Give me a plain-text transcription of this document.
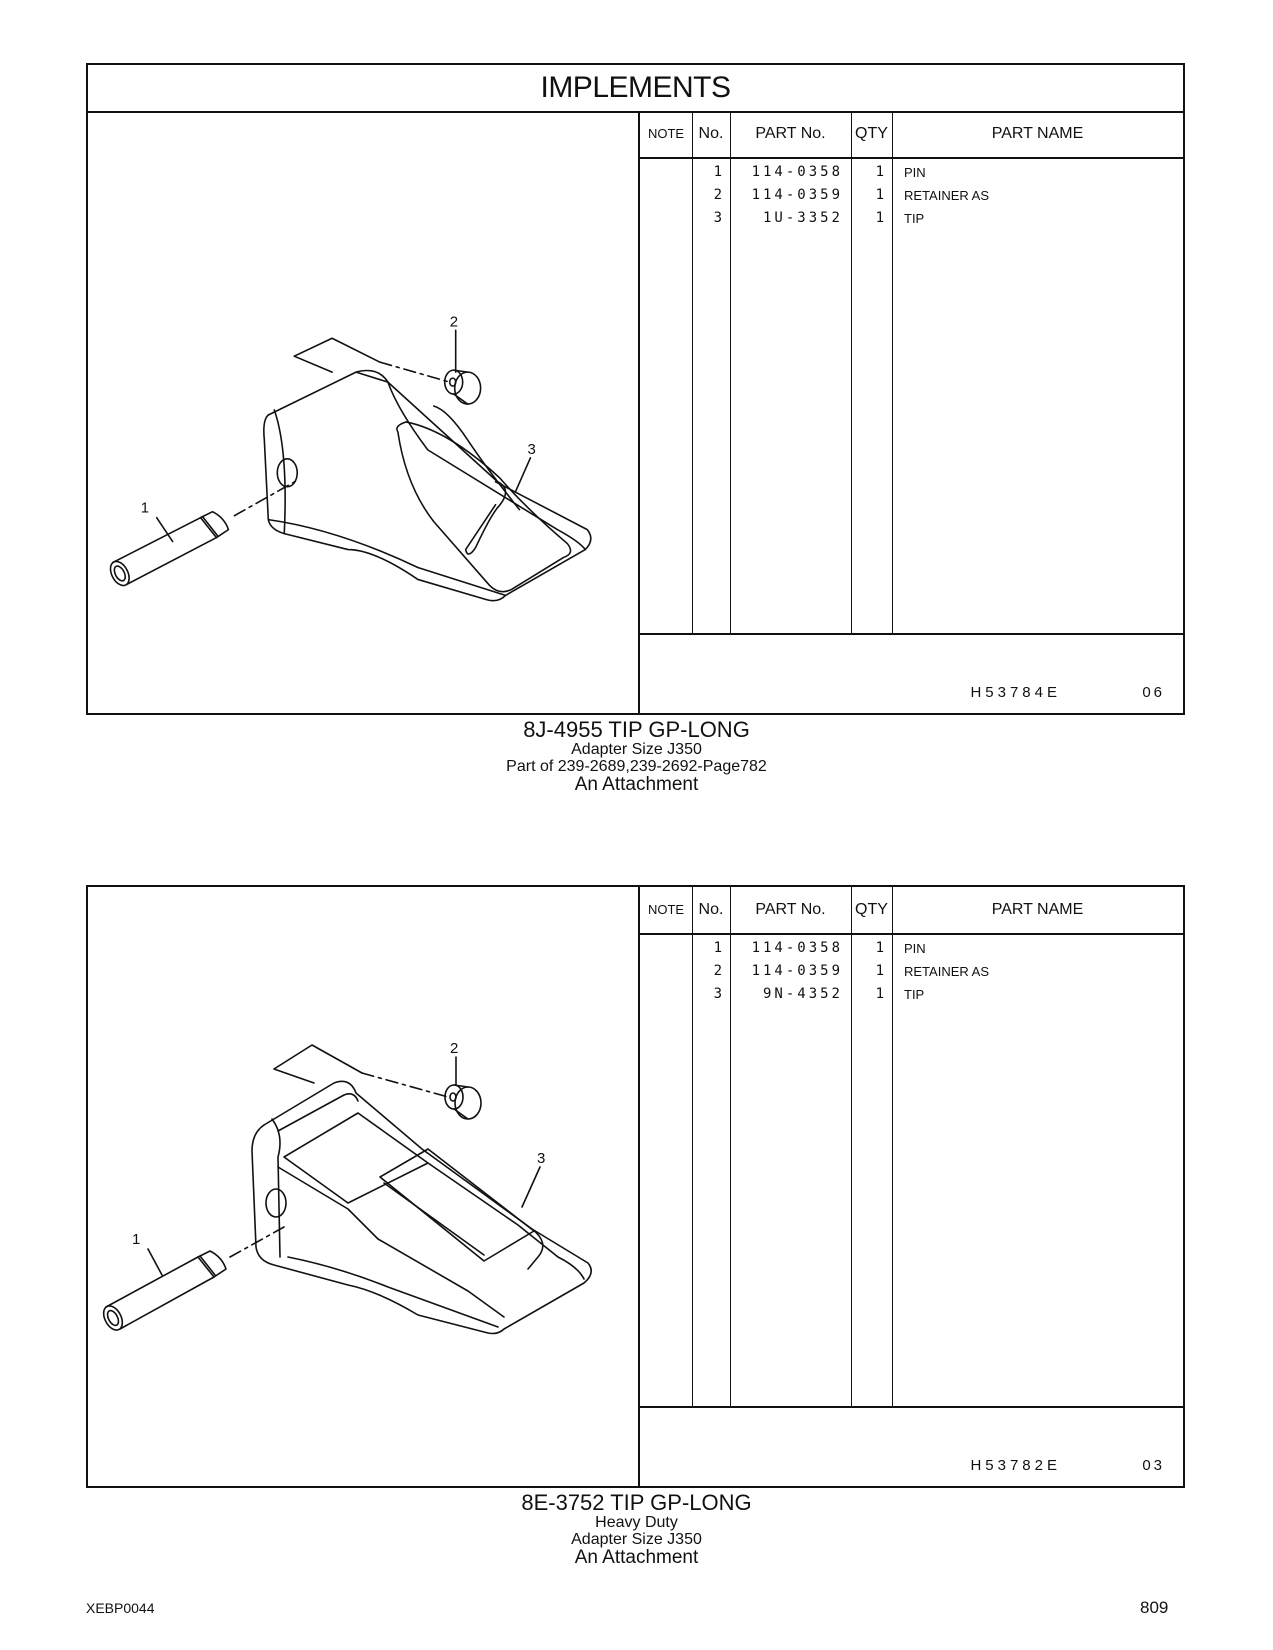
IMPLEMENTS
2
3
1
NOTE No.	PART No.	QTY	PART NAME
1	114-0358	1 PIN
2	114-0359	1 RETAINER AS
3	1U-3352	1 TIP
H53784E	06
8J-4955 TIP GP-LONG
Adapter Size J350
Part of 239-2689,239-2692-Page782
An Attachment
2
3
1
NOTE No.	PART No.	QTY	PART NAME
1	114-0358	1 PIN
2	114-0359	1 RETAINER AS
3	9N-4352	1 TIP
H53782E	03
8E-3752 TIP GP-LONG
Heavy Duty
Adapter Size J350
An Attachment
XEBP0044	809
